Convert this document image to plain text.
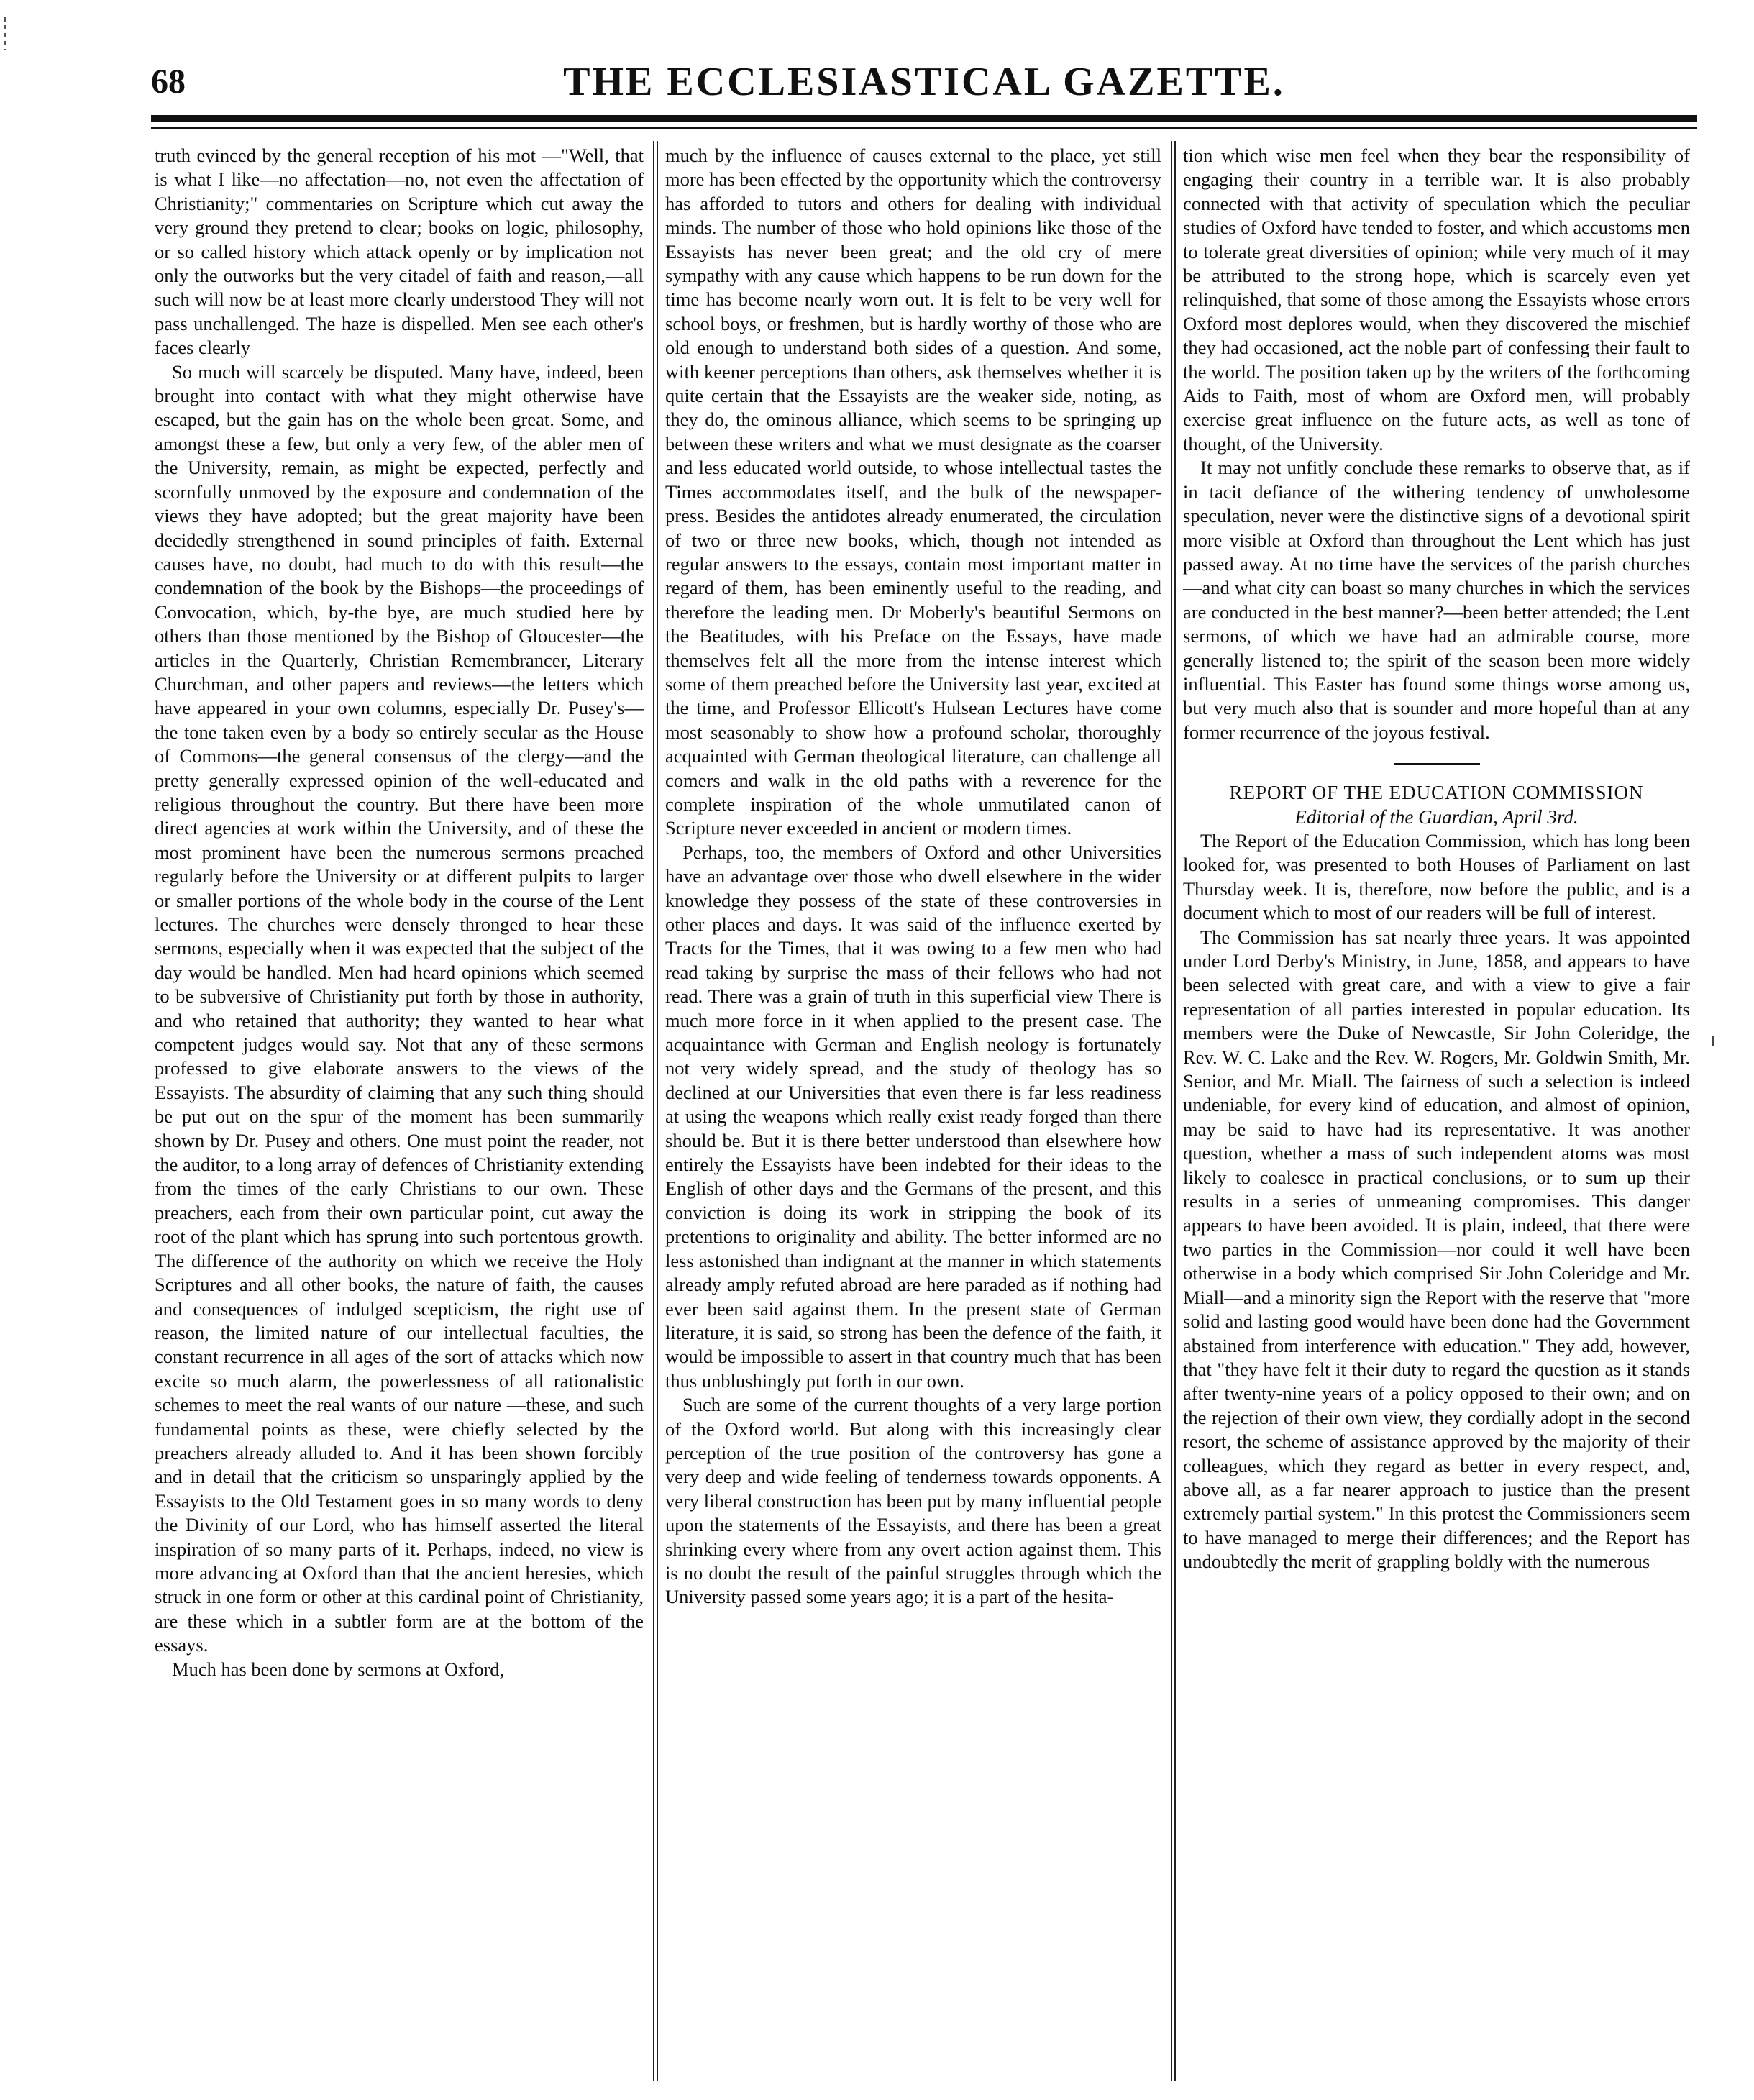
68	THE ECCLESIASTICAL GAZETTE.

truth evinced by the general reception of his mot —"Well, that is what I like—no affectation—no, not even the affectation of Christianity;" commentaries on Scripture which cut away the very ground they pretend to clear; books on logic, philosophy, or so called history which attack openly or by implication not only the outworks but the very citadel of faith and reason,—all such will now be at least more clearly understood They will not pass unchallenged. The haze is dispelled. Men see each other's faces clearly

So much will scarcely be disputed. Many have, indeed, been brought into contact with what they might otherwise have escaped, but the gain has on the whole been great. Some, and amongst these a few, but only a very few, of the abler men of the University, remain, as might be expected, perfectly and scornfully unmoved by the exposure and condemnation of the views they have adopted; but the great majority have been decidedly strengthened in sound principles of faith. External causes have, no doubt, had much to do with this result—the condemnation of the book by the Bishops—the proceedings of Convocation, which, by-the bye, are much studied here by others than those mentioned by the Bishop of Gloucester—the articles in the Quarterly, Christian Remembrancer, Literary Churchman, and other papers and reviews—the letters which have appeared in your own columns, especially Dr. Pusey's—the tone taken even by a body so entirely secular as the House of Commons—the general consensus of the clergy—and the pretty generally expressed opinion of the well-educated and religious throughout the country. But there have been more direct agencies at work within the University, and of these the most prominent have been the numerous sermons preached regularly before the University or at different pulpits to larger or smaller portions of the whole body in the course of the Lent lectures. The churches were densely thronged to hear these sermons, especially when it was expected that the subject of the day would be handled. Men had heard opinions which seemed to be subversive of Christianity put forth by those in authority, and who retained that authority; they wanted to hear what competent judges would say. Not that any of these sermons professed to give elaborate answers to the views of the Essayists. The absurdity of claiming that any such thing should be put out on the spur of the moment has been summarily shown by Dr. Pusey and others. One must point the reader, not the auditor, to a long array of defences of Christianity extending from the times of the early Christians to our own. These preachers, each from their own particular point, cut away the root of the plant which has sprung into such portentous growth. The difference of the authority on which we receive the Holy Scriptures and all other books, the nature of faith, the causes and consequences of indulged scepticism, the right use of reason, the limited nature of our intellectual faculties, the constant recurrence in all ages of the sort of attacks which now excite so much alarm, the powerlessness of all rationalistic schemes to meet the real wants of our nature —these, and such fundamental points as these, were chiefly selected by the preachers already alluded to. And it has been shown forcibly and in detail that the criticism so unsparingly applied by the Essayists to the Old Testament goes in so many words to deny the Divinity of our Lord, who has himself asserted the literal inspiration of so many parts of it. Perhaps, indeed, no view is more advancing at Oxford than that the ancient heresies, which struck in one form or other at this cardinal point of Christianity, are these which in a subtler form are at the bottom of the essays.

Much has been done by sermons at Oxford,

much by the influence of causes external to the place, yet still more has been effected by the opportunity which the controversy has afforded to tutors and others for dealing with individual minds. The number of those who hold opinions like those of the Essayists has never been great; and the old cry of mere sympathy with any cause which happens to be run down for the time has become nearly worn out. It is felt to be very well for school boys, or freshmen, but is hardly worthy of those who are old enough to understand both sides of a question. And some, with keener perceptions than others, ask themselves whether it is quite certain that the Essayists are the weaker side, noting, as they do, the ominous alliance, which seems to be springing up between these writers and what we must designate as the coarser and less educated world outside, to whose intellectual tastes the Times accommodates itself, and the bulk of the newspaper-press. Besides the antidotes already enumerated, the circulation of two or three new books, which, though not intended as regular answers to the essays, contain most important matter in regard of them, has been eminently useful to the reading, and therefore the leading men. Dr Moberly's beautiful Sermons on the Beatitudes, with his Preface on the Essays, have made themselves felt all the more from the intense interest which some of them preached before the University last year, excited at the time, and Professor Ellicott's Hulsean Lectures have come most seasonably to show how a profound scholar, thoroughly acquainted with German theological literature, can challenge all comers and walk in the old paths with a reverence for the complete inspiration of the whole unmutilated canon of Scripture never exceeded in ancient or modern times.

Perhaps, too, the members of Oxford and other Universities have an advantage over those who dwell elsewhere in the wider knowledge they possess of the state of these controversies in other places and days. It was said of the influence exerted by Tracts for the Times, that it was owing to a few men who had read taking by surprise the mass of their fellows who had not read. There was a grain of truth in this superficial view There is much more force in it when applied to the present case. The acquaintance with German and English neology is fortunately not very widely spread, and the study of theology has so declined at our Universities that even there is far less readiness at using the weapons which really exist ready forged than there should be. But it is there better understood than elsewhere how entirely the Essayists have been indebted for their ideas to the English of other days and the Germans of the present, and this conviction is doing its work in stripping the book of its pretentions to originality and ability. The better informed are no less astonished than indignant at the manner in which statements already amply refuted abroad are here paraded as if nothing had ever been said against them. In the present state of German literature, it is said, so strong has been the defence of the faith, it would be impossible to assert in that country much that has been thus unblushingly put forth in our own.

Such are some of the current thoughts of a very large portion of the Oxford world. But along with this increasingly clear perception of the true position of the controversy has gone a very deep and wide feeling of tenderness towards opponents. A very liberal construction has been put by many influential people upon the statements of the Essayists, and there has been a great shrinking every where from any overt action against them. This is no doubt the result of the painful struggles through which the University passed some years ago; it is a part of the hesita-

tion which wise men feel when they bear the responsibility of engaging their country in a terrible war. It is also probably connected with that activity of speculation which the peculiar studies of Oxford have tended to foster, and which accustoms men to tolerate great diversities of opinion; while very much of it may be attributed to the strong hope, which is scarcely even yet relinquished, that some of those among the Essayists whose errors Oxford most deplores would, when they discovered the mischief they had occasioned, act the noble part of confessing their fault to the world. The position taken up by the writers of the forthcoming Aids to Faith, most of whom are Oxford men, will probably exercise great influence on the future acts, as well as tone of thought, of the University.

It may not unfitly conclude these remarks to observe that, as if in tacit defiance of the withering tendency of unwholesome speculation, never were the distinctive signs of a devotional spirit more visible at Oxford than throughout the Lent which has just passed away. At no time have the services of the parish churches—and what city can boast so many churches in which the services are conducted in the best manner?—been better attended; the Lent sermons, of which we have had an admirable course, more generally listened to; the spirit of the season been more widely influential. This Easter has found some things worse among us, but very much also that is sounder and more hopeful than at any former recurrence of the joyous festival.

REPORT OF THE EDUCATION COMMISSION

Editorial of the Guardian, April 3rd.

The Report of the Education Commission, which has long been looked for, was presented to both Houses of Parliament on last Thursday week. It is, therefore, now before the public, and is a document which to most of our readers will be full of interest.

The Commission has sat nearly three years. It was appointed under Lord Derby's Ministry, in June, 1858, and appears to have been selected with great care, and with a view to give a fair representation of all parties interested in popular education. Its members were the Duke of Newcastle, Sir John Coleridge, the Rev. W. C. Lake and the Rev. W. Rogers, Mr. Goldwin Smith, Mr. Senior, and Mr. Miall. The fairness of such a selection is indeed undeniable, for every kind of education, and almost of opinion, may be said to have had its representative. It was another question, whether a mass of such independent atoms was most likely to coalesce in practical conclusions, or to sum up their results in a series of unmeaning compromises. This danger appears to have been avoided. It is plain, indeed, that there were two parties in the Commission—nor could it well have been otherwise in a body which comprised Sir John Coleridge and Mr. Miall—and a minority sign the Report with the reserve that "more solid and lasting good would have been done had the Government abstained from interference with education." They add, however, that "they have felt it their duty to regard the question as it stands after twenty-nine years of a policy opposed to their own; and on the rejection of their own view, they cordially adopt in the second resort, the scheme of assistance approved by the majority of their colleagues, which they regard as better in every respect, and, above all, as a far nearer approach to justice than the present extremely partial system." In this protest the Commissioners seem to have managed to merge their differences; and the Report has undoubtedly the merit of grappling boldly with the numerous
